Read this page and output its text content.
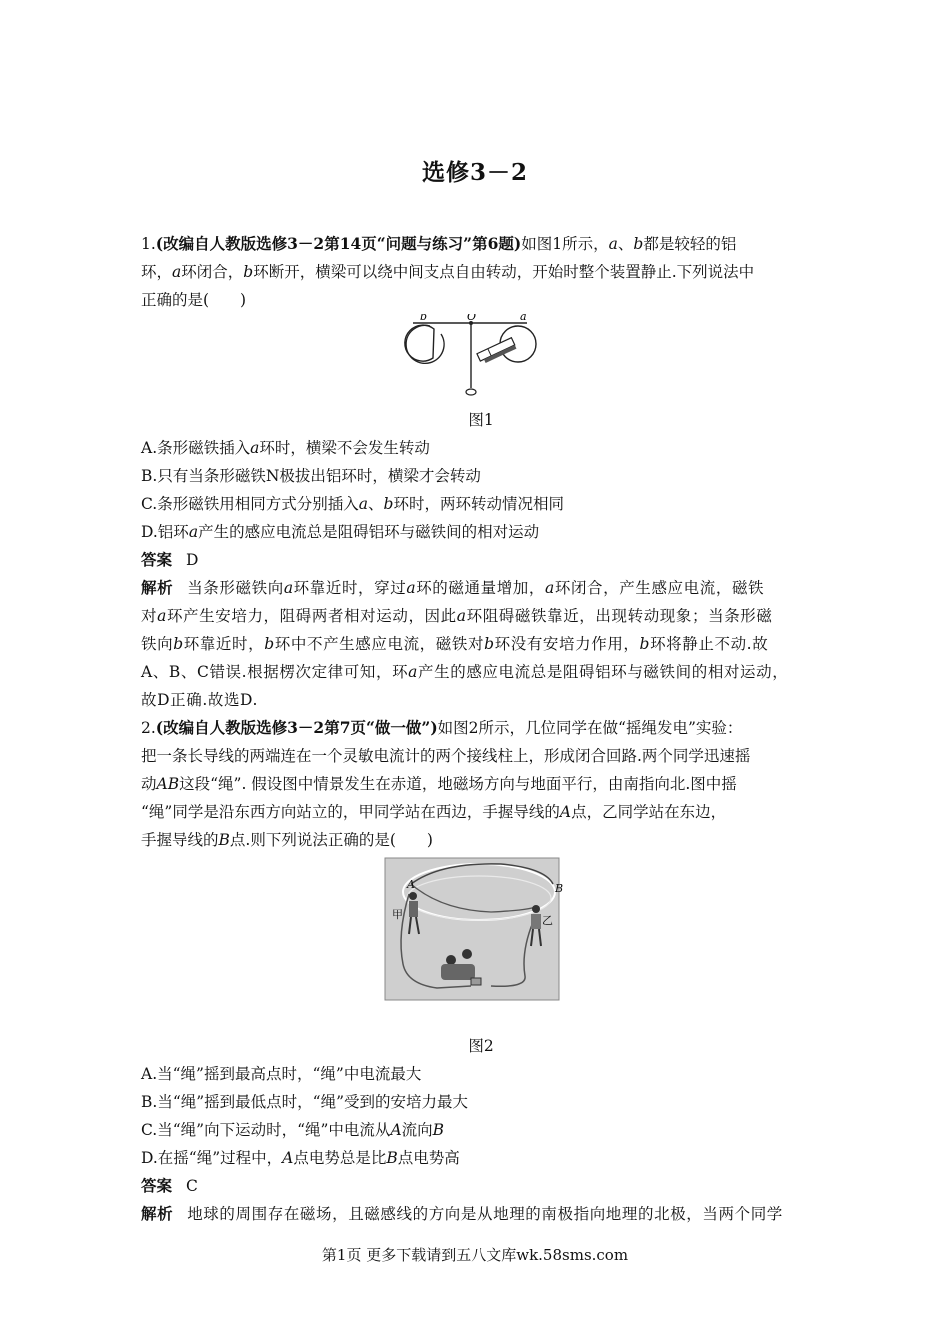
选修3－2

1.(改编自人教版选修3－2第14页“问题与练习”第6题)如图1所示，a、b都是较轻的铝
环，a环闭合，b环断开，横梁可以绕中间支点自由转动，开始时整个装置静止.下列说法中
正确的是(　　)

b	O	a
图1

A.条形磁铁插入a环时，横梁不会发生转动

B.只有当条形磁铁N极拔出铝环时，横梁才会转动

C.条形磁铁用相同方式分别插入a、b环时，两环转动情况相同

D.铝环a产生的感应电流总是阻碍铝环与磁铁间的相对运动

答案 D

解析 当条形磁铁向a环靠近时，穿过a环的磁通量增加，a环闭合，产生感应电流，磁铁
对a环产生安培力，阻碍两者相对运动，因此a环阻碍磁铁靠近，出现转动现象；当条形磁
铁向b环靠近时，b环中不产生感应电流，磁铁对b环没有安培力作用，b环将静止不动.故
A、B、C错误.根据楞次定律可知，环a产生的感应电流总是阻碍铝环与磁铁间的相对运动，
故D正确.故选D.

2.(改编自人教版选修3－2第7页“做一做”)如图2所示，几位同学在做“摇绳发电”实验：
把一条长导线的两端连在一个灵敏电流计的两个接线柱上，形成闭合回路.两个同学迅速摇
动AB这段“绳”. 假设图中情景发生在赤道，地磁场方向与地面平行，由南指向北.图中摇
“绳”同学是沿东西方向站立的，甲同学站在西边，手握导线的A点，乙同学站在东边，
手握导线的B点.则下列说法正确的是(　　)

A	B
甲	乙
图2

A.当“绳”摇到最高点时，“绳”中电流最大

B.当“绳”摇到最低点时，“绳”受到的安培力最大

C.当“绳”向下运动时，“绳”中电流从A流向B

D.在摇“绳”过程中，A点电势总是比B点电势高

答案 C

解析 地球的周围存在磁场，且磁感线的方向是从地理的南极指向地理的北极，当两个同学

第1页 更多下载请到五八文库wk.58sms.com
